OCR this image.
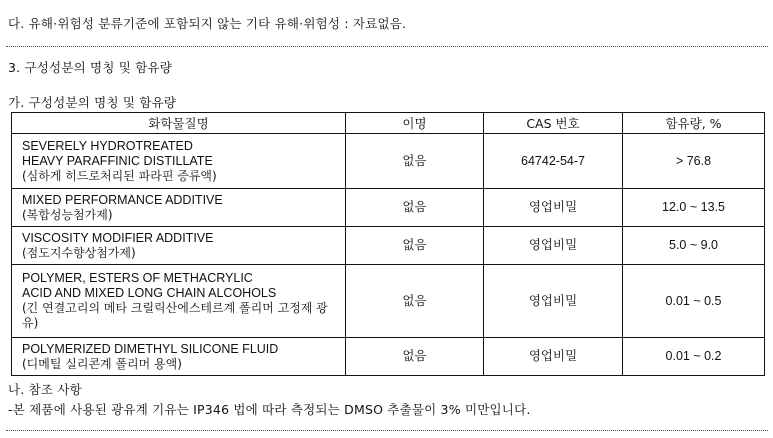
다. 유해·위험성 분류기준에 포함되지 않는 기타 유해·위험성 : 자료없음.
3. 구성성분의 명칭 및 함유량
가. 구성성분의 명칭 및 함유량
화학물질명	이명	CAS 번호	함유량, %

SEVERELY HYDROTREATED
HEAVY PARAFFINIC DISTILLATE
(심하게 히드로처리된 파라핀 증류액)	없음	64742-54-7	> 76.8

MIXED PERFORMANCE ADDITIVE
(복합성능첨가제)	없음	영업비밀	12.0 ~ 13.5

VISCOSITY MODIFIER ADDITIVE
(점도지수향상첨가제)	없음	영업비밀	5.0 ~ 9.0

POLYMER, ESTERS OF METHACRYLIC
ACID AND MIXED LONG CHAIN ALCOHOLS
(긴 연결고리의 메타 크릴릭산에스테르계 폴리머 고정제 광유)	없음	영업비밀	0.01 ~ 0.5

POLYMERIZED DIMETHYL SILICONE FLUID
(디메틸 실리콘계 폴리머 용액)	없음	영업비밀	0.01 ~ 0.2
나. 참조 사항
-본 제품에 사용된 광유계 기유는 IP346 법에 따라 측정되는 DMSO 추출물이 3% 미만입니다.
